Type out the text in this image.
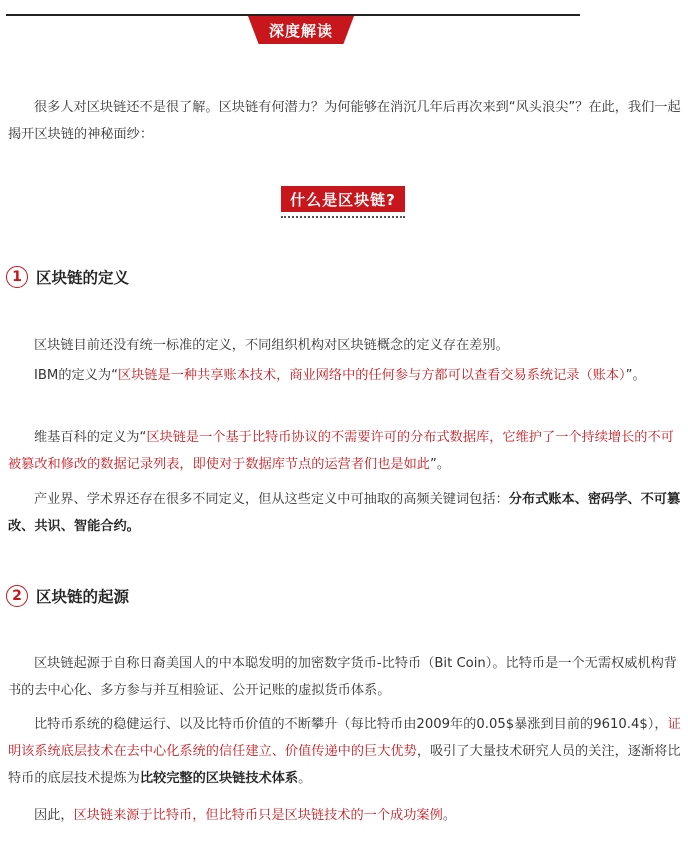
深度解读

很多人对区块链还不是很了解。区块链有何潜力？为何能够在消沉几年后再次来到“风头浪尖”？在此，我们一起揭开区块链的神秘面纱：

什么是区块链?
1 区块链的定义

区块链目前还没有统一标准的定义，不同组织机构对区块链概念的定义存在差别。

IBM的定义为“区块链是一种共享账本技术，商业网络中的任何参与方都可以查看交易系统记录（账本）”。

维基百科的定义为“区块链是一个基于比特币协议的不需要许可的分布式数据库，它维护了一个持续增长的不可被篡改和修改的数据记录列表，即使对于数据库节点的运营者们也是如此”。

产业界、学术界还存在很多不同定义，但从这些定义中可抽取的高频关键词包括：分布式账本、密码学、不可篡改、共识、智能合约。

2 区块链的起源

区块链起源于自称日裔美国人的中本聪发明的加密数字货币-比特币（Bit Coin）。比特币是一个无需权威机构背书的去中心化、多方参与并互相验证、公开记账的虚拟货币体系。

比特币系统的稳健运行、以及比特币价值的不断攀升（每比特币由2009年的0.05$暴涨到目前的9610.4$），证明该系统底层技术在去中心化系统的信任建立、价值传递中的巨大优势，吸引了大量技术研究人员的关注，逐渐将比特币的底层技术提炼为比较完整的区块链技术体系。

因此，区块链来源于比特币，但比特币只是区块链技术的一个成功案例。
